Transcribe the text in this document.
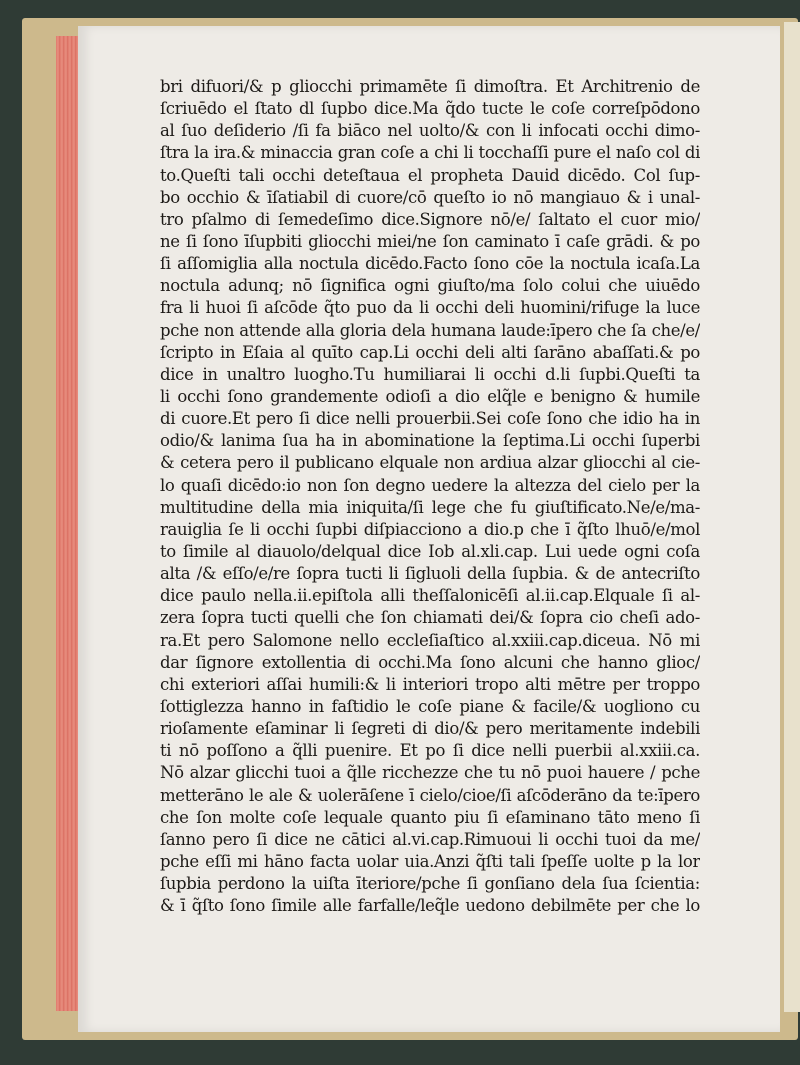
bri difuori/& p gliocchi primamēte ſi dimoſtra. Et Architrenio de
ſcriuēdo el ſtato dl ſupbo dice.Ma q̃do tucte le coſe correſpōdono
al ſuo deſiderio /ſi fa biāco nel uolto/& con li infocati occhi dimo-
ſtra la ira.& minaccia gran coſe a chi li tocchaſſi pure el naſo col di
to.Queſti tali occhi deteſtaua el propheta Dauid dicēdo. Col ſup-
bo occhio & īſatiabil di cuore/cō queſto io nō mangiauo & i unal-
tro pſalmo di ſemedeſimo dice.Signore nō/e/ ſaltato el cuor mio/
ne ſi ſono īſupbiti gliocchi miei/ne ſon caminato ī caſe grādi. & po
ſi aſſomiglia alla noctula dicēdo.Facto ſono cōe la noctula icaſa.La
noctula adunq; nō ſignifica ogni giuſto/ma ſolo colui che uiuēdo
fra li huoi ſi aſcōde q̃to puo da li occhi deli huomini/rifuge la luce
pche non attende alla gloria dela humana laude:īpero che ſa che/e/
ſcripto in Eſaia al quīto cap.Li occhi deli alti ſarāno abaſſati.& po
dice in unaltro luogho.Tu humiliarai li occhi d.li ſupbi.Queſti ta
li occhi ſono grandemente odioſi a dio elq̃le e benigno & humile
di cuore.Et pero ſi dice nelli prouerbii.Sei coſe ſono che idio ha in
odio/& lanima ſua ha in abominatione la ſeptima.Li occhi ſuperbi
& cetera pero il publicano elquale non ardiua alzar gliocchi al cie-
lo quaſi dicēdo:io non ſon degno uedere la altezza del cielo per la
multitudine della mia iniquita/ſi lege che fu giuſtificato.Ne/e/ma-
rauiglia ſe li occhi ſupbi diſpiacciono a dio.p che ī q̃ſto lhuō/e/mol
to ſimile al diauolo/delqual dice Iob al.xli.cap. Lui uede ogni coſa
alta /& eſſo/e/re ſopra tucti li ſigluoli della ſupbia. & de antecriſto
dice paulo nella.ii.epiſtola alli theſſalonicēſi al.ii.cap.Elquale ſi al-
zera ſopra tucti quelli che ſon chiamati dei/& ſopra cio cheſi ado-
ra.Et pero Salomone nello eccleſiaſtico al.xxiii.cap.diceua. Nō mi
dar ſignore extollentia di occhi.Ma ſono alcuni che hanno glioc/
chi exteriori aſſai humili:& li interiori tropo alti mētre per troppo
ſottiglezza hanno in faſtidio le coſe piane & facile/& uogliono cu
rioſamente eſaminar li ſegreti di dio/& pero meritamente indebili
ti nō poſſono a q̃lli puenire. Et po ſi dice nelli puerbii al.xxiii.ca.
Nō alzar glicchi tuoi a q̃lle ricchezze che tu nō puoi hauere / pche
metterāno le ale & uolerāſene ī cielo/cioe/ſi aſcōderāno da te:īpero
che ſon molte coſe lequale quanto piu ſi eſaminano tāto meno ſi
ſanno pero ſi dice ne cātici al.vi.cap.Rimuoui li occhi tuoi da me/
pche eſſi mi hāno facta uolar uia.Anzi q̃ſti tali ſpeſſe uolte p la lor
ſupbia perdono la uiſta īteriore/pche ſi gonſiano dela ſua ſcientia:
& ī q̃ſto ſono ſimile alle farfalle/leq̃le uedono debilmēte per che lo
